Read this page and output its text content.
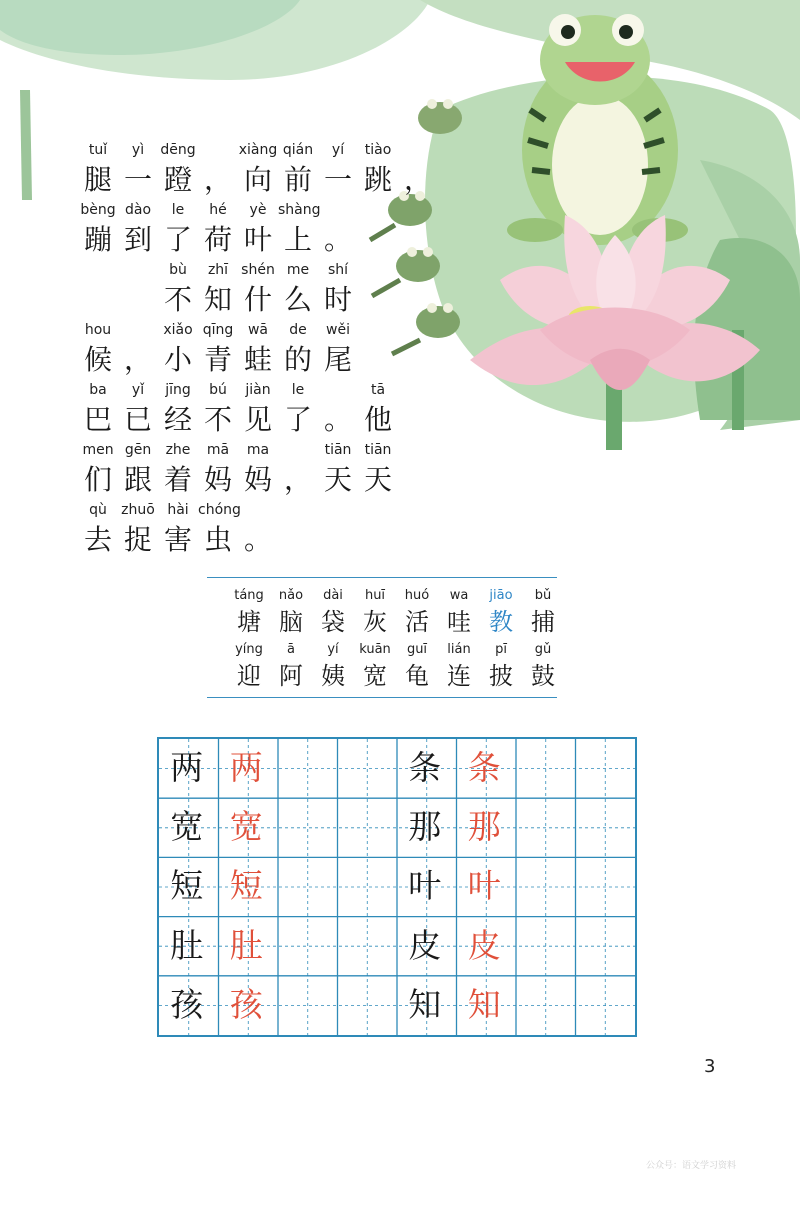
tuǐ
腿
yì
一
dēng
蹬 ，
xiàng
向
qián
前
yí
一
tiào
跳 ，
bèng
蹦
dào
到
le
了
hé
荷
yè
叶
shàng
上 。
bù
不
zhī
知
shén
什
me
么
shí
时
hou
候 ，
xiǎo
小
qīng
青
wā
蛙
de
的
wěi
尾
ba
巴
yǐ
已
jīng
经
bú
不
jiàn
见
le
了 。
tā
他
men
们
gēn
跟
zhe
着
mā
妈
ma
妈 ，
tiān
天
tiān
天
qù
去
zhuō
捉
hài
害
chóng
虫 。
táng
塘
nǎo
脑
dài
袋
huī
灰
huó
活
wa
哇
jiāo
教
bǔ
捕
yíng
迎
ā
阿
yí
姨
kuān
宽
guī
龟
lián
连
pī
披
gǔ
鼓
两 两
宽 宽
短 短
肚 肚
孩 孩
条 条
那 那
叶 叶
皮 皮
知 知
3
公众号：语文学习资料
